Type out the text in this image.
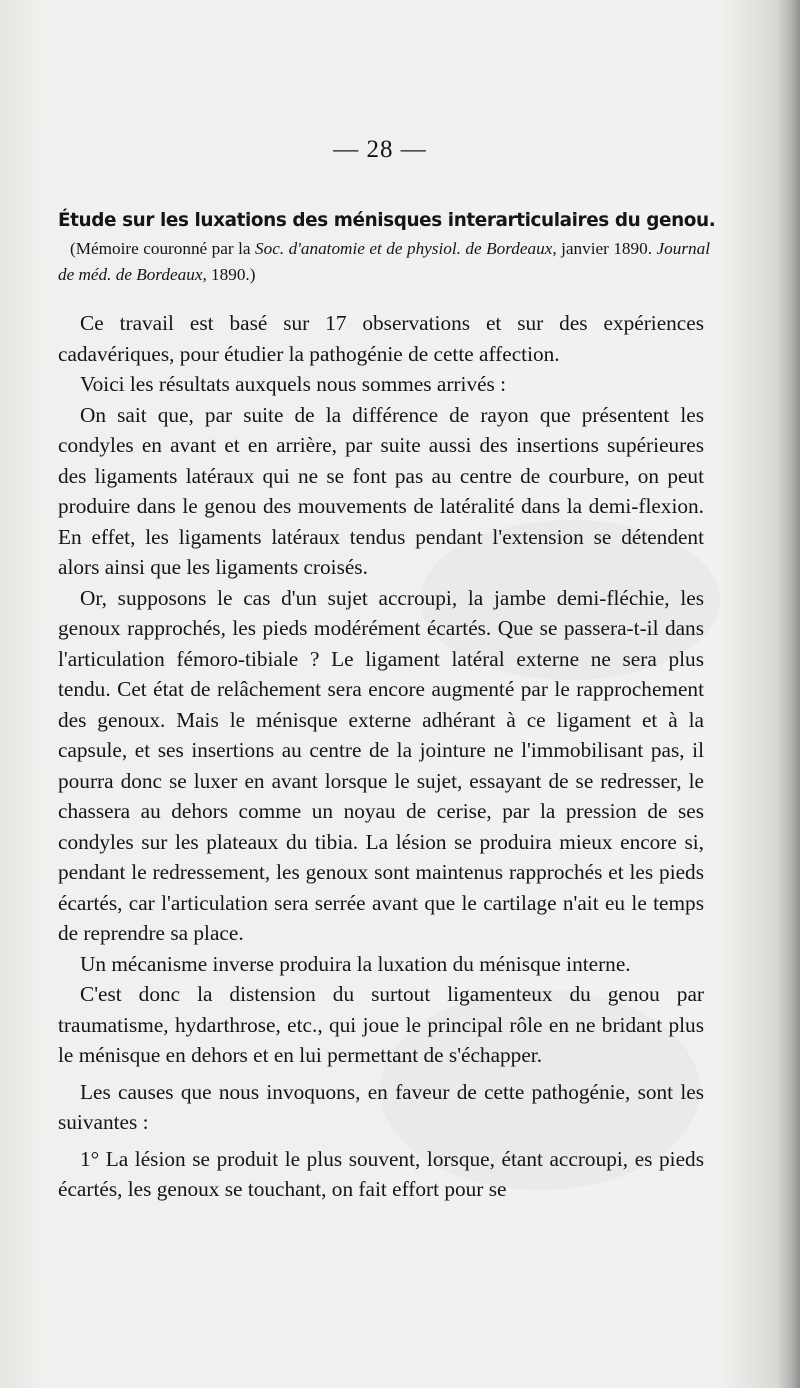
— 28 —
Étude sur les luxations des ménisques interarticulaires du genou.
(Mémoire couronné par la Soc. d'anatomie et de physiol. de Bordeaux, janvier 1890. Journal de méd. de Bordeaux, 1890.)

Ce travail est basé sur 17 observations et sur des expériences cadavériques, pour étudier la pathogénie de cette affection.

Voici les résultats auxquels nous sommes arrivés :

On sait que, par suite de la différence de rayon que présentent les condyles en avant et en arrière, par suite aussi des insertions supérieures des ligaments latéraux qui ne se font pas au centre de courbure, on peut produire dans le genou des mouvements de latéralité dans la demi-flexion. En effet, les ligaments latéraux tendus pendant l'extension se détendent alors ainsi que les ligaments croisés.

Or, supposons le cas d'un sujet accroupi, la jambe demi-fléchie, les genoux rapprochés, les pieds modérément écartés. Que se passera-t-il dans l'articulation fémoro-tibiale ? Le ligament latéral externe ne sera plus tendu. Cet état de relâchement sera encore augmenté par le rapprochement des genoux. Mais le ménisque externe adhérant à ce ligament et à la capsule, et ses insertions au centre de la jointure ne l'immobilisant pas, il pourra donc se luxer en avant lorsque le sujet, essayant de se redresser, le chassera au dehors comme un noyau de cerise, par la pression de ses condyles sur les plateaux du tibia. La lésion se produira mieux encore si, pendant le redressement, les genoux sont maintenus rapprochés et les pieds écartés, car l'articulation sera serrée avant que le cartilage n'ait eu le temps de reprendre sa place.

Un mécanisme inverse produira la luxation du ménisque interne.

C'est donc la distension du surtout ligamenteux du genou par traumatisme, hydarthrose, etc., qui joue le principal rôle en ne bridant plus le ménisque en dehors et en lui permettant de s'échapper.

Les causes que nous invoquons, en faveur de cette pathogénie, sont les suivantes :

1° La lésion se produit le plus souvent, lorsque, étant accroupi, es pieds écartés, les genoux se touchant, on fait effort pour se
